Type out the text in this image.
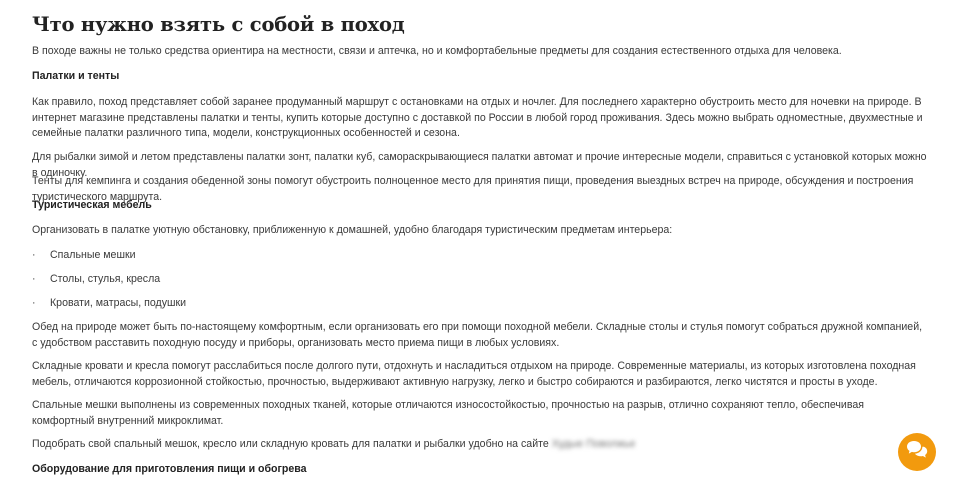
Что нужно взять с собой в поход

В походе важны не только средства ориентира на местности, связи и аптечка, но и комфортабельные предметы для создания естественного отдыха для человека.

Палатки и тенты

Как правило, поход представляет собой заранее продуманный маршрут с остановками на отдых и ночлег. Для последнего характерно обустроить место для ночевки на природе. В интернет магазине представлены палатки и тенты, купить которые доступно с доставкой по России в любой город проживания. Здесь можно выбрать одноместные, двухместные и семейные палатки различного типа, модели, конструкционных особенностей и сезона.

Для рыбалки зимой и летом представлены палатки зонт, палатки куб, самораскрывающиеся палатки автомат и прочие интересные модели, справиться с установкой которых можно в одиночку.

Тенты для кемпинга и создания обеденной зоны помогут обустроить полноценное место для принятия пищи, проведения выездных встреч на природе, обсуждения и построения туристического маршрута.

Туристическая мебель

Организовать в палатке уютную обстановку, приближенную к домашней, удобно благодаря туристическим предметам интерьера:

· Спальные мешки
· Столы, стулья, кресла
· Кровати, матрасы, подушки

Обед на природе может быть по-настоящему комфортным, если организовать его при помощи походной мебели. Складные столы и стулья помогут собраться дружной компанией, с удобством расставить походную посуду и приборы, организовать место приема пищи в любых условиях.

Складные кровати и кресла помогут расслабиться после долгого пути, отдохнуть и насладиться отдыхом на природе. Современные материалы, из которых изготовлена походная мебель, отличаются коррозионной стойкостью, прочностью, выдерживают активную нагрузку, легко и быстро собираются и разбираются, легко чистятся и просты в уходе.

Спальные мешки выполнены из современных походных тканей, которые отличаются износостойкостью, прочностью на разрыв, отлично сохраняют тепло, обеспечивая комфортный внутренний микроклимат.

Подобрать свой спальный мешок, кресло или складную кровать для палатки и рыбалки удобно на сайте Худые Поволжье

Оборудование для приготовления пищи и обогрева
